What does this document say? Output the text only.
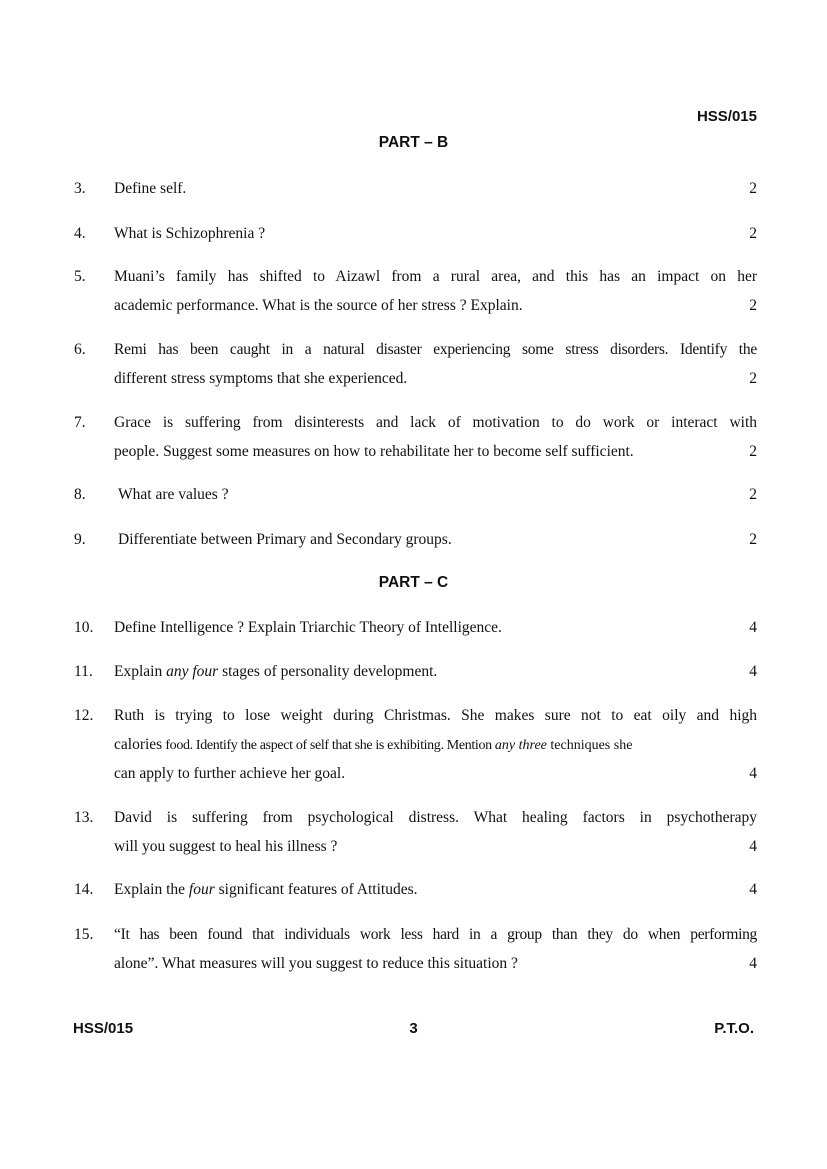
HSS/015
PART – B
3. Define self.	2
4. What is Schizophrenia ?	2
5. Muani’s family has shifted to Aizawl from a rural area, and this has an impact on her
academic performance. What is the source of her stress ? Explain.	2
6. Remi has been caught in a natural disaster experiencing some stress disorders. Identify the
different stress symptoms that she experienced.	2
7. Grace is suffering from disinterests and lack of motivation to do work or interact with
people. Suggest some measures on how to rehabilitate her to become self sufficient.	2
8. What are values ?	2
9. Differentiate between Primary and Secondary groups.	2
PART – C
10. Define Intelligence ? Explain Triarchic Theory of Intelligence.	4
11. Explain any four stages of personality development.	4
12. Ruth is trying to lose weight during Christmas. She makes sure not to eat oily and high
calories food. Identify the aspect of self that she is exhibiting. Mention any three techniques she
can apply to further achieve her goal.	4
13. David is suffering from psychological distress. What healing factors in psychotherapy
will you suggest to heal his illness ?	4
14. Explain the four significant features of Attitudes.	4
15. “It has been found that individuals work less hard in a group than they do when performing
alone”. What measures will you suggest to reduce this situation ?	4
HSS/015	3	P.T.O.
